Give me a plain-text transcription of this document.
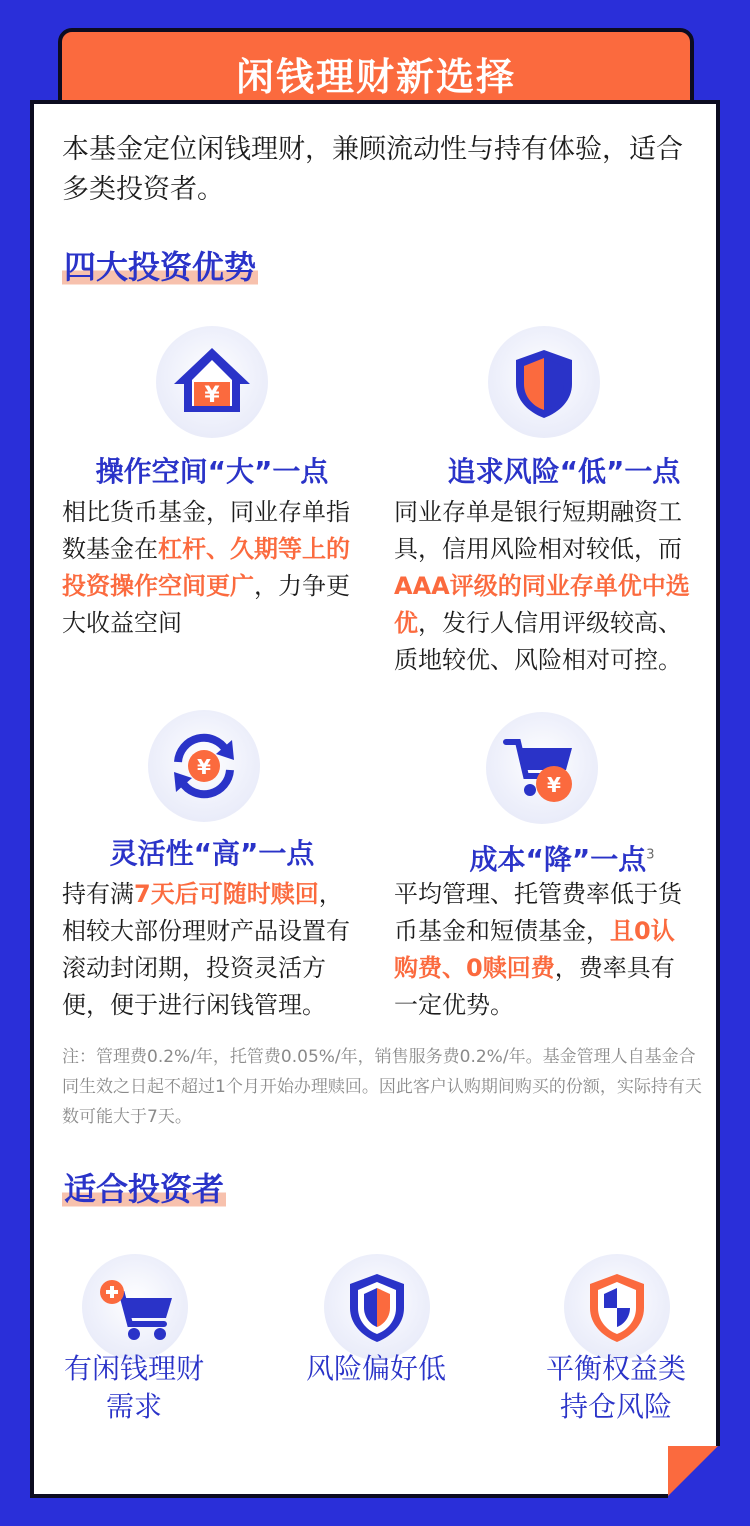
闲钱理财新选择
本基金定位闲钱理财，兼顾流动性与持有体验，适合多类投资者。
四大投资优势
¥
操作空间“大”一点
相比货币基金，同业存单指数基金在杠杆、久期等上的投资操作空间更广，力争更大收益空间
追求风险“低”一点
同业存单是银行短期融资工具，信用风险相对较低，而AAA评级的同业存单优中选优，发行人信用评级较高、质地较优、风险相对可控。
¥
灵活性“高”一点
持有满7天后可随时赎回，相较大部份理财产品设置有滚动封闭期，投资灵活方便，便于进行闲钱管理。
¥
成本“降”一点$^3$
平均管理、托管费率低于货币基金和短债基金，且0认购费、0赎回费，费率具有一定优势。
注：管理费0.2%/年，托管费0.05%/年，销售服务费0.2%/年。基金管理人自基金合同生效之日起不超过1个月开始办理赎回。因此客户认购期间购买的份额，实际持有天数可能大于7天。
适合投资者
有闲钱理财
需求
风险偏好低	平衡权益类
持仓风险
